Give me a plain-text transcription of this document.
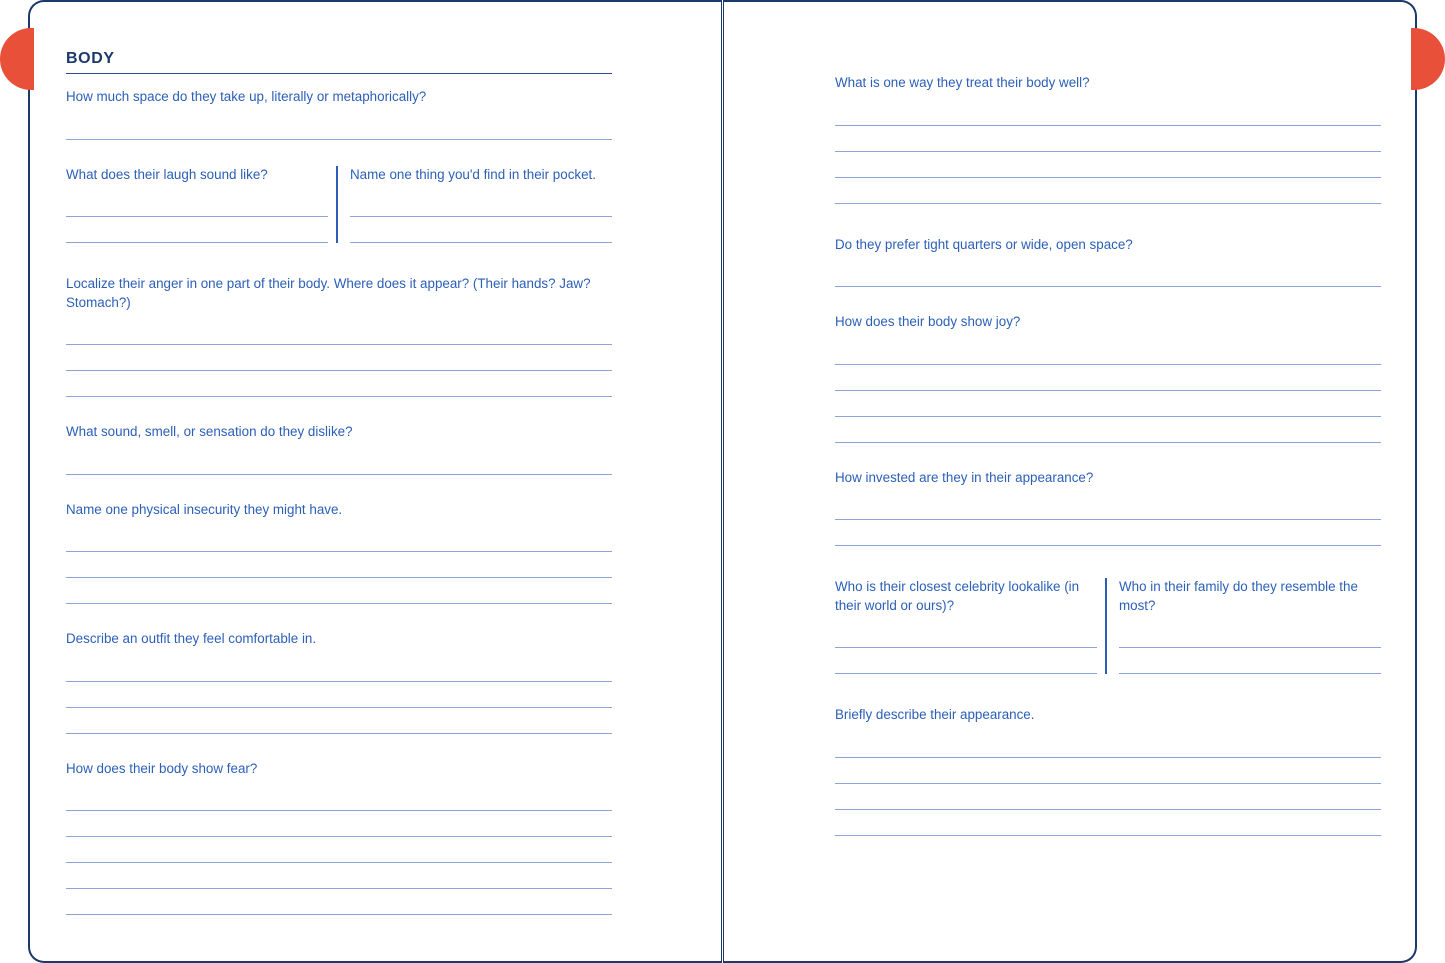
BODY

How much space do they take up, literally or metaphorically?

What does their laugh sound like?	Name one thing you'd find in their pocket.

Localize their anger in one part of their body. Where does it appear? (Their hands? Jaw? Stomach?)

What sound, smell, or sensation do they dislike?

Name one physical insecurity they might have.

Describe an outfit they feel comfortable in.

How does their body show fear?

What is one way they treat their body well?

Do they prefer tight quarters or wide, open space?

How does their body show joy?

How invested are they in their appearance?

Who is their closest celebrity lookalike (in their world or ours)?

Who in their family do they resemble the most?

Briefly describe their appearance.
